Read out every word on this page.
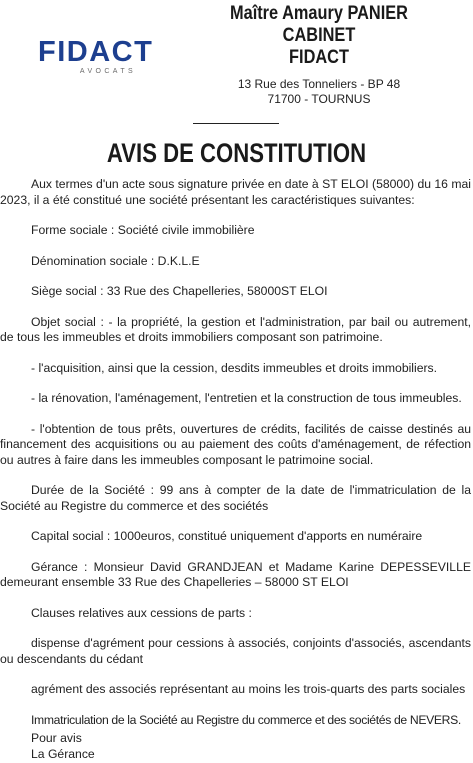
FIDACT
AVOCATS
Maître Amaury PANIER CABINET
FIDACT
13 Rue des Tonneliers - BP 48
71700 - TOURNUS
AVIS DE CONSTITUTION

Aux termes d'un acte sous signature privée en date à ST ELOI (58000) du 16 mai 2023, il a été constitué une société présentant les caractéristiques suivantes:

Forme sociale : Société civile immobilière

Dénomination sociale : D.K.L.E

Siège social : 33 Rue des Chapelleries, 58000ST ELOI

Objet social : - la propriété, la gestion et l'administration, par bail ou autrement, de tous les immeubles et droits immobiliers composant son patrimoine.

- l'acquisition, ainsi que la cession, desdits immeubles et droits immobiliers.

- la rénovation, l'aménagement, l'entretien et la construction de tous immeubles.

- l'obtention de tous prêts, ouvertures de crédits, facilités de caisse destinés au financement des acquisitions ou au paiement des coûts d'aménagement, de réfection ou autres à faire dans les immeubles composant le patrimoine social.

Durée de la Société : 99 ans à compter de la date de l'immatriculation de la Société au Registre du commerce et des sociétés

Capital social : 1000euros, constitué uniquement d'apports en numéraire

Gérance : Monsieur David GRANDJEAN et Madame Karine DEPESSEVILLE demeurant ensemble 33 Rue des Chapelleries – 58000 ST ELOI

Clauses relatives aux cessions de parts :

dispense d'agrément pour cessions à associés, conjoints d'associés, ascendants ou descendants du cédant

agrément des associés représentant au moins les trois-quarts des parts sociales

Immatriculation de la Société au Registre du commerce et des sociétés de NEVERS.

Pour avis
La Gérance
